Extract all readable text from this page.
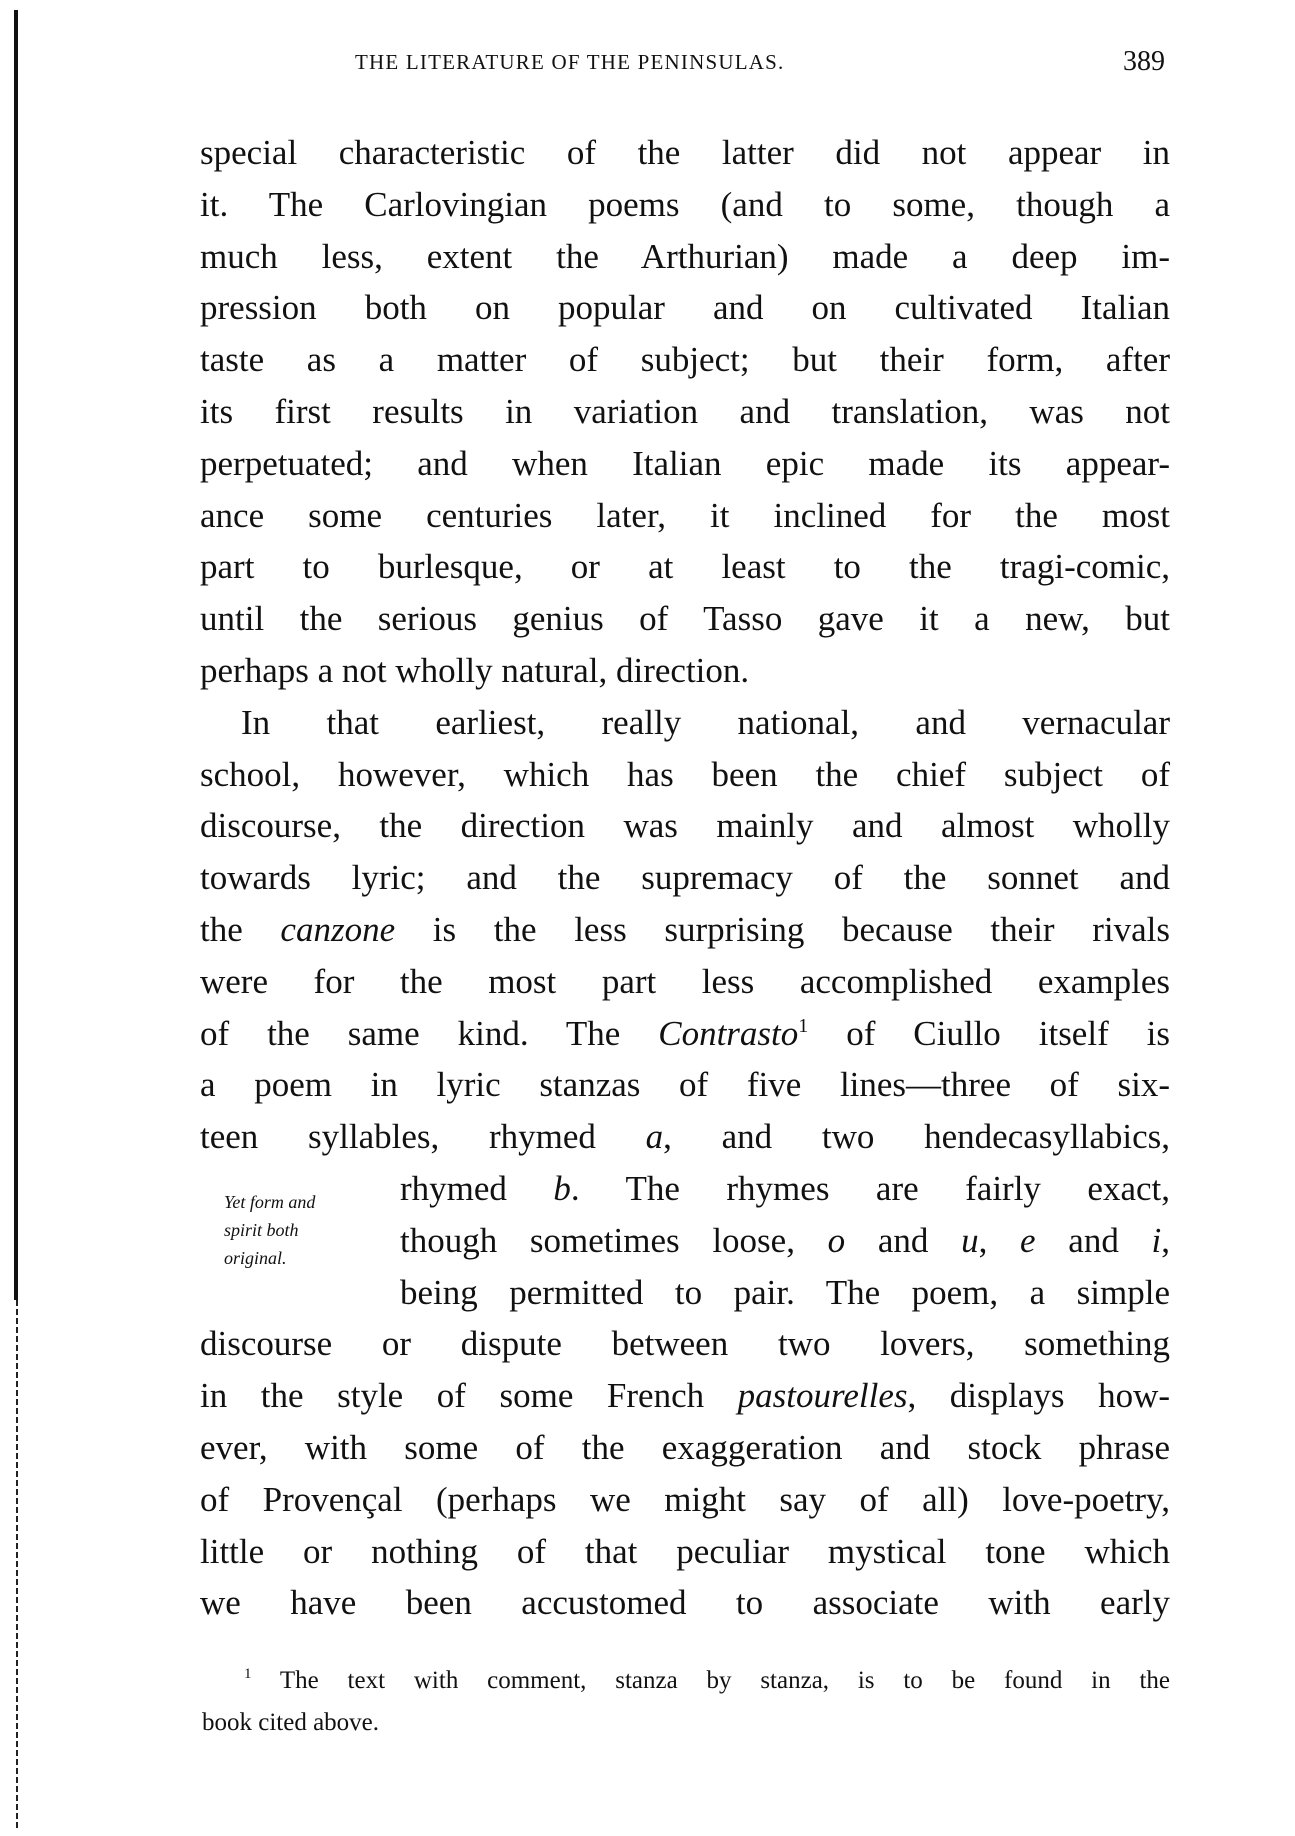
THE LITERATURE OF THE PENINSULAS.	389
special characteristic of the latter did not appear in
it. The Carlovingian poems (and to some, though a
much less, extent the Arthurian) made a deep im-
pression both on popular and on cultivated Italian
taste as a matter of subject; but their form, after
its first results in variation and translation, was not
perpetuated; and when Italian epic made its appear-
ance some centuries later, it inclined for the most
part to burlesque, or at least to the tragi-comic,
until the serious genius of Tasso gave it a new, but
perhaps a not wholly natural, direction.
In that earliest, really national, and vernacular
school, however, which has been the chief subject of
discourse, the direction was mainly and almost wholly
towards lyric; and the supremacy of the sonnet and
the canzone is the less surprising because their rivals
were for the most part less accomplished examples
of the same kind. The Contrasto$^1$ of Ciullo itself is
a poem in lyric stanzas of five lines—three of six-
teen syllables, rhymed a, and two hendecasyllabics,
rhymed b. The rhymes are fairly exact,
though sometimes loose, o and u, e and i,
being permitted to pair. The poem, a simple
discourse or dispute between two lovers, something
in the style of some French pastourelles, displays how-
ever, with some of the exaggeration and stock phrase
of Provençal (perhaps we might say of all) love-poetry,
little or nothing of that peculiar mystical tone which
we have been accustomed to associate with early
Yet form and
spirit both
original.
$^1$ The text with comment, stanza by stanza, is to be found in the
book cited above.
